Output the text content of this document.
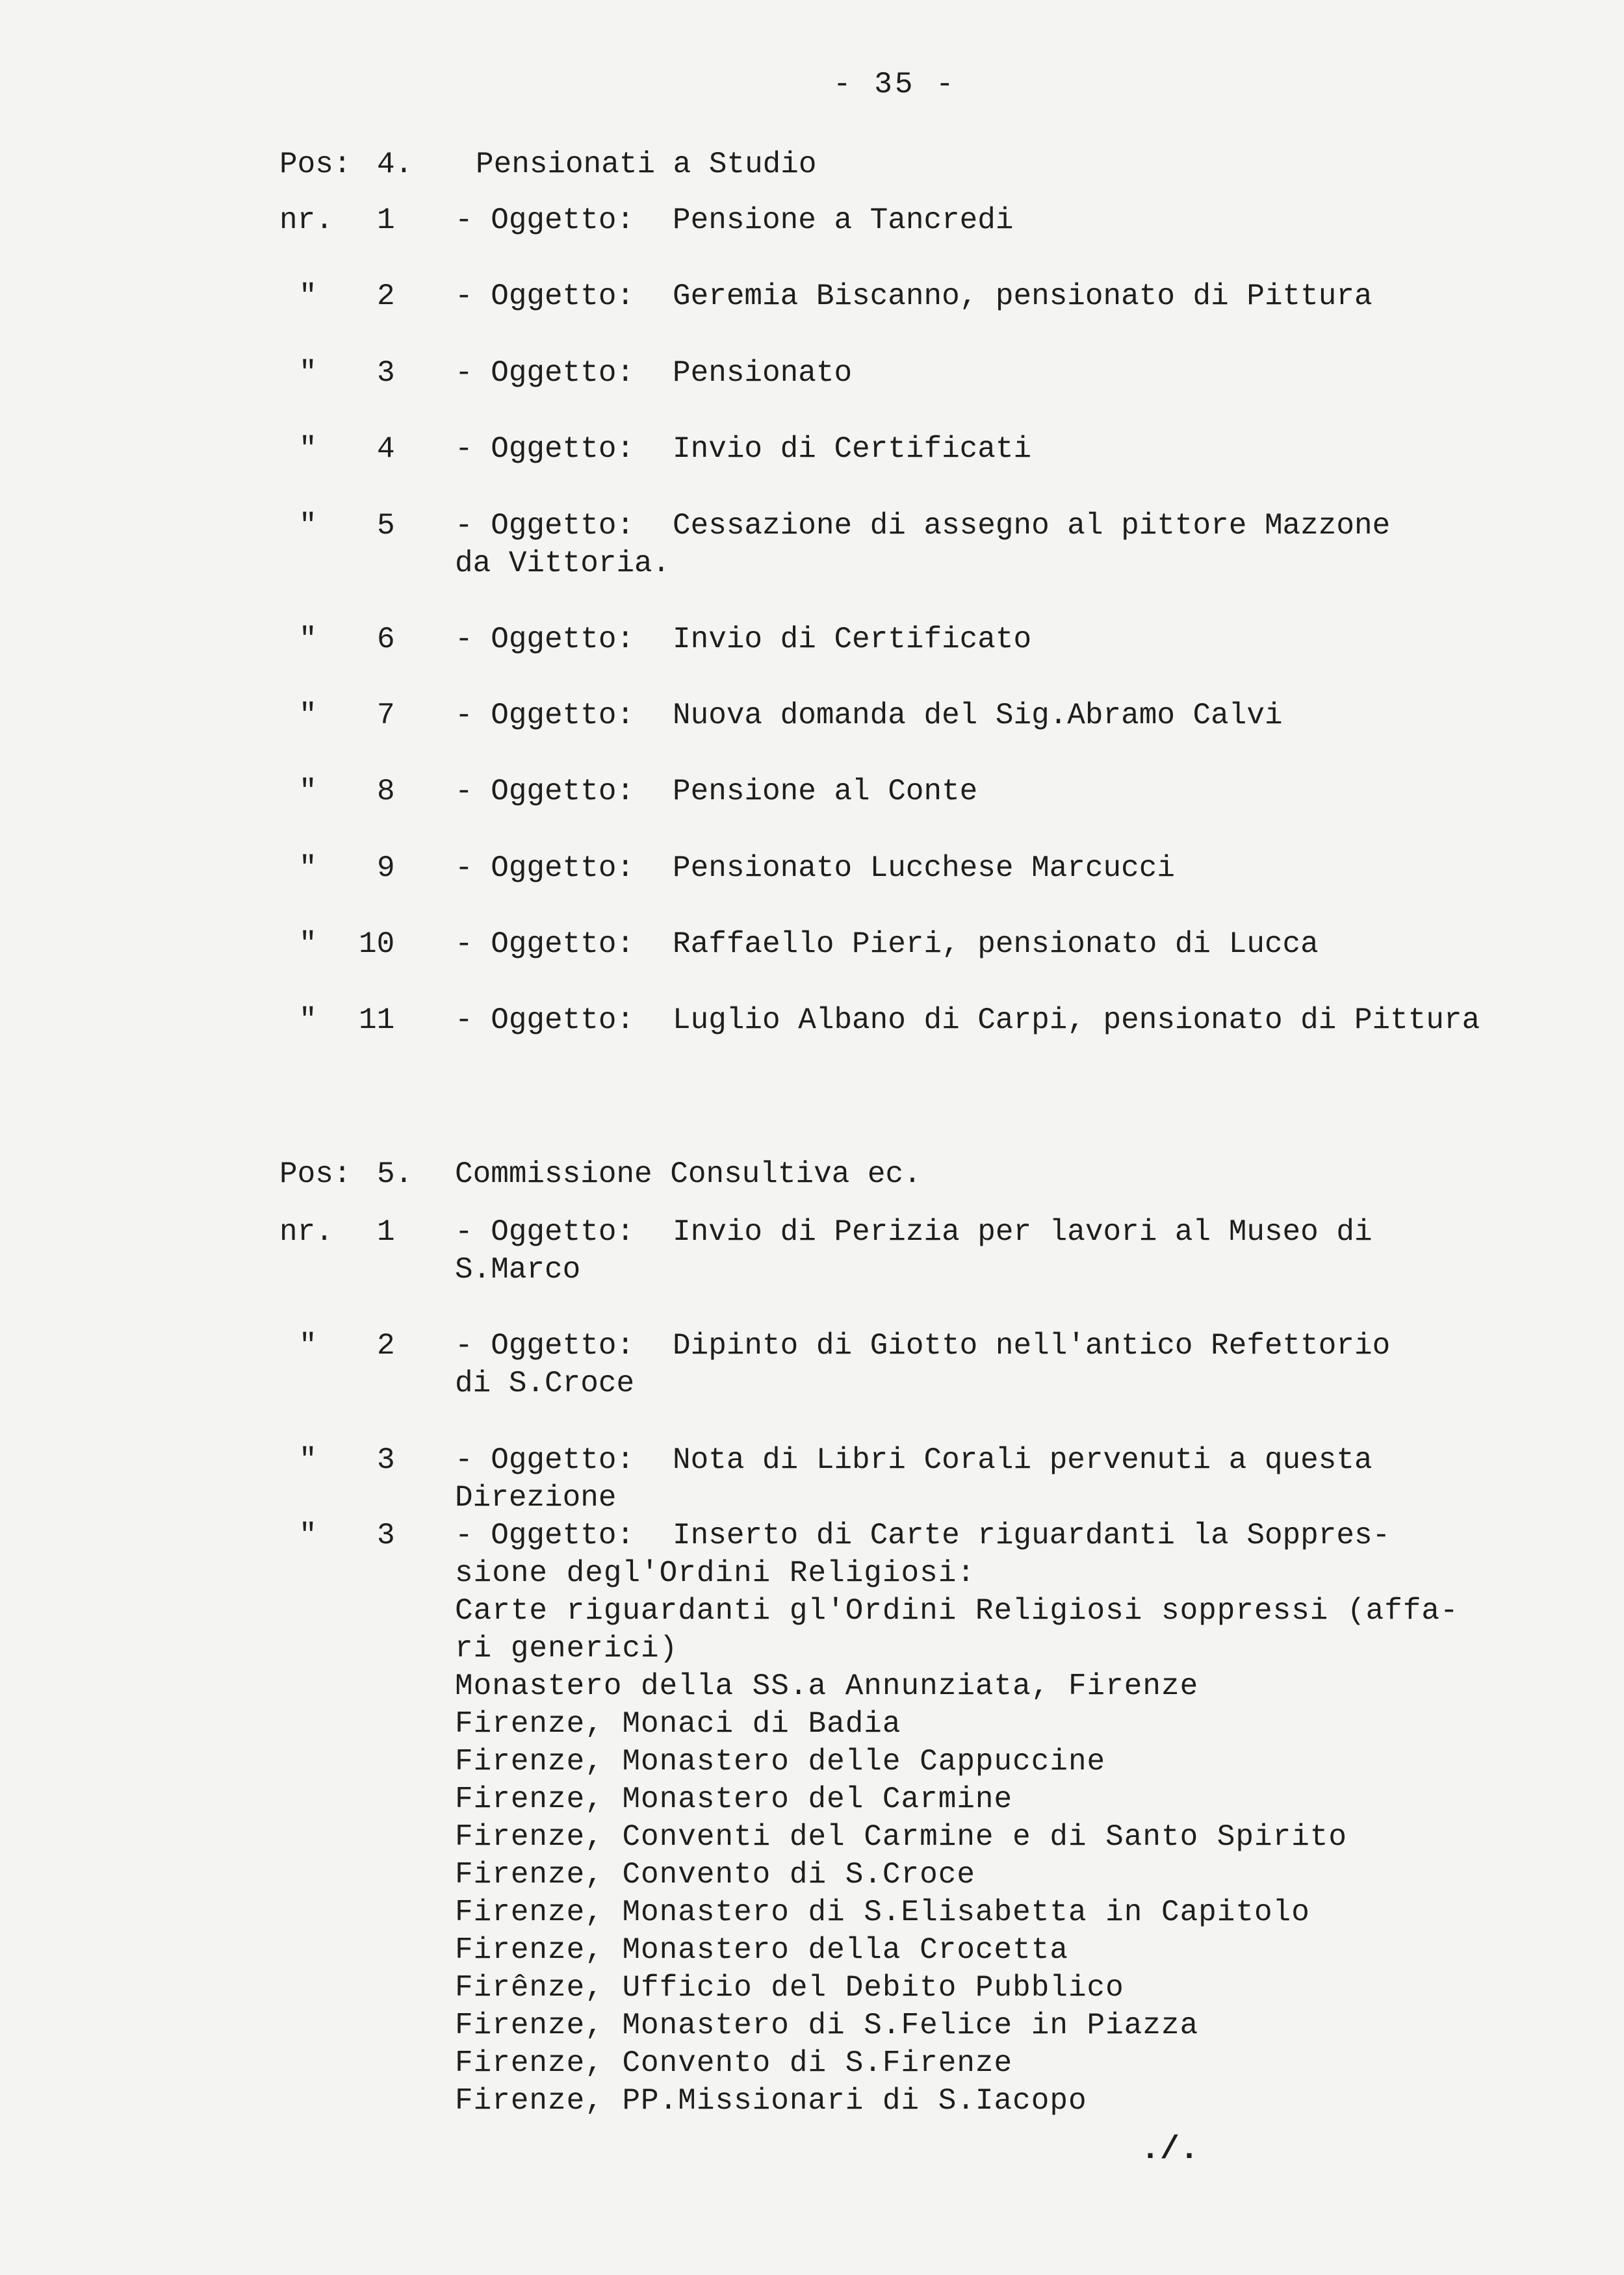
- 35 -
Pos: 4. Pensionati a Studio
nr. 1 - Oggetto: Pensione a Tancredi
" 2 - Oggetto: Geremia Biscanno, pensionato di Pittura
" 3 - Oggetto: Pensionato
" 4 - Oggetto: Invio di Certificati
" 5 - Oggetto: Cessazione di assegno al pittore Mazzone
da Vittoria.
" 6 - Oggetto: Invio di Certificato
" 7 - Oggetto: Nuova domanda del Sig.Abramo Calvi
" 8 - Oggetto: Pensione al Conte
" 9 - Oggetto: Pensionato Lucchese Marcucci
" 10 - Oggetto: Raffaello Pieri, pensionato di Lucca
" 11 - Oggetto: Luglio Albano di Carpi, pensionato di Pittura
Pos: 5. Commissione Consultiva ec.
nr. 1 - Oggetto: Invio di Perizia per lavori al Museo di
S.Marco
" 2 - Oggetto: Dipinto di Giotto nell'antico Refettorio
di S.Croce
" 3 - Oggetto: Nota di Libri Corali pervenuti a questa
Direzione
" 3 - Oggetto: Inserto di Carte riguardanti la Soppres-
sione degl'Ordini Religiosi:
Carte riguardanti gl'Ordini Religiosi soppressi (affa-
ri generici)
Monastero della SS.a Annunziata, Firenze
Firenze, Monaci di Badia
Firenze, Monastero delle Cappuccine
Firenze, Monastero del Carmine
Firenze, Conventi del Carmine e di Santo Spirito
Firenze, Convento di S.Croce
Firenze, Monastero di S.Elisabetta in Capitolo
Firenze, Monastero della Crocetta
Firênze, Ufficio del Debito Pubblico
Firenze, Monastero di S.Felice in Piazza
Firenze, Convento di S.Firenze
Firenze, PP.Missionari di S.Iacopo
./.
